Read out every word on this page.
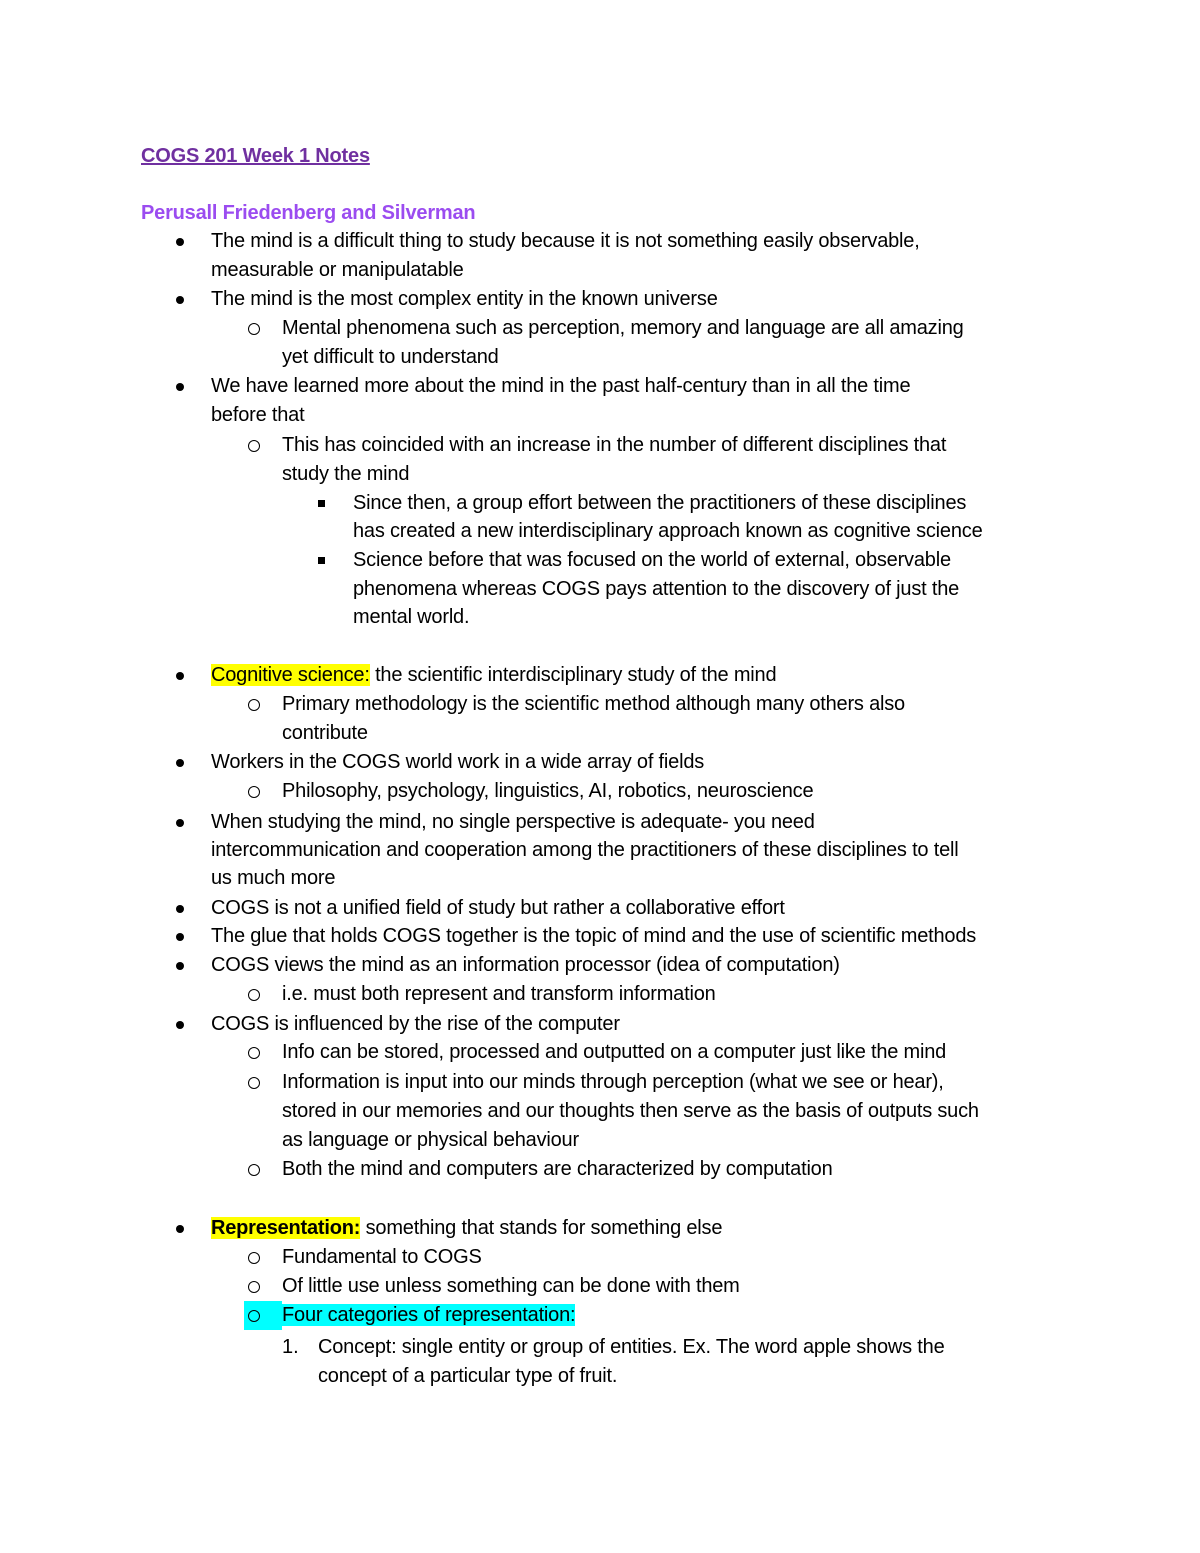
COGS 201 Week 1 Notes
Perusall Friedenberg and Silverman
The mind is a difficult thing to study because it is not something easily observable,
measurable or manipulatable
The mind is the most complex entity in the known universe
Mental phenomena such as perception, memory and language are all amazing
yet difficult to understand
We have learned more about the mind in the past half-century than in all the time
before that
This has coincided with an increase in the number of different disciplines that
study the mind
Since then, a group effort between the practitioners of these disciplines
has created a new interdisciplinary approach known as cognitive science
Science before that was focused on the world of external, observable
phenomena whereas COGS pays attention to the discovery of just the
mental world.
Cognitive science: the scientific interdisciplinary study of the mind
Primary methodology is the scientific method although many others also
contribute
Workers in the COGS world work in a wide array of fields
Philosophy, psychology, linguistics, AI, robotics, neuroscience
When studying the mind, no single perspective is adequate- you need
intercommunication and cooperation among the practitioners of these disciplines to tell
us much more
COGS is not a unified field of study but rather a collaborative effort
The glue that holds COGS together is the topic of mind and the use of scientific methods
COGS views the mind as an information processor (idea of computation)
i.e. must both represent and transform information
COGS is influenced by the rise of the computer
Info can be stored, processed and outputted on a computer just like the mind
Information is input into our minds through perception (what we see or hear),
stored in our memories and our thoughts then serve as the basis of outputs such
as language or physical behaviour
Both the mind and computers are characterized by computation
Representation: something that stands for something else
Fundamental to COGS
Of little use unless something can be done with them
Four categories of representation:
1. Concept: single entity or group of entities. Ex. The word apple shows the
concept of a particular type of fruit.
